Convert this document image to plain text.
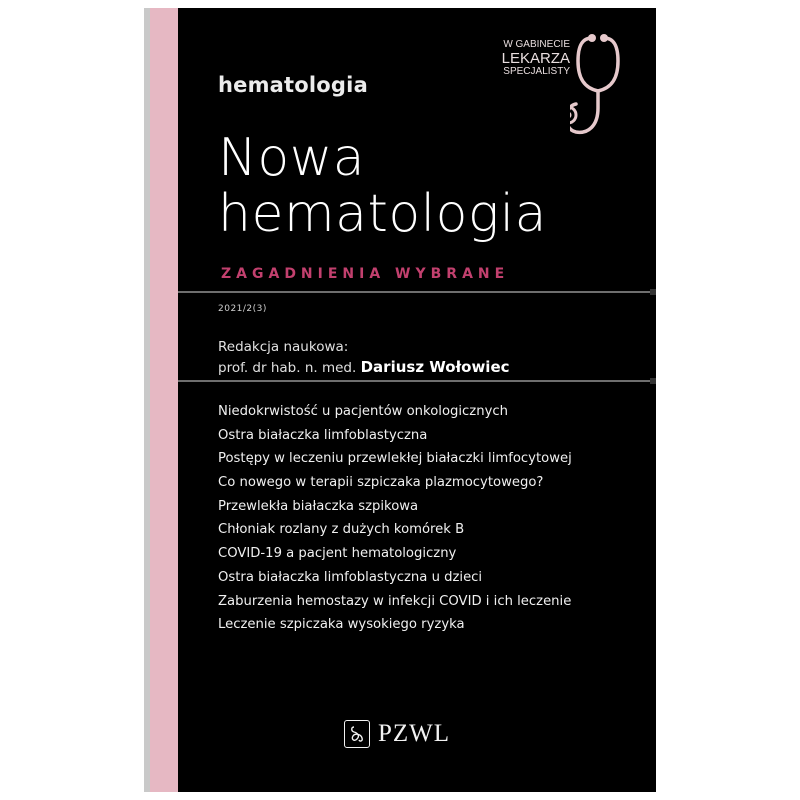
W GABINECIE
LEKARZA
SPECJALISTY
hematologia
Nowa
hematologia
ZAGADNIENIA WYBRANE
2021/2(3)
Redakcja naukowa:
prof. dr hab. n. med. Dariusz Wołowiec
Niedokrwistość u pacjentów onkologicznych
Ostra białaczka limfoblastyczna
Postępy w leczeniu przewlekłej białaczki limfocytowej
Co nowego w terapii szpiczaka plazmocytowego?
Przewlekła białaczka szpikowa
Chłoniak rozlany z dużych komórek B
COVID-19 a pacjent hematologiczny
Ostra białaczka limfoblastyczna u dzieci
Zaburzenia hemostazy w infekcji COVID i ich leczenie
Leczenie szpiczaka wysokiego ryzyka
PZWL
